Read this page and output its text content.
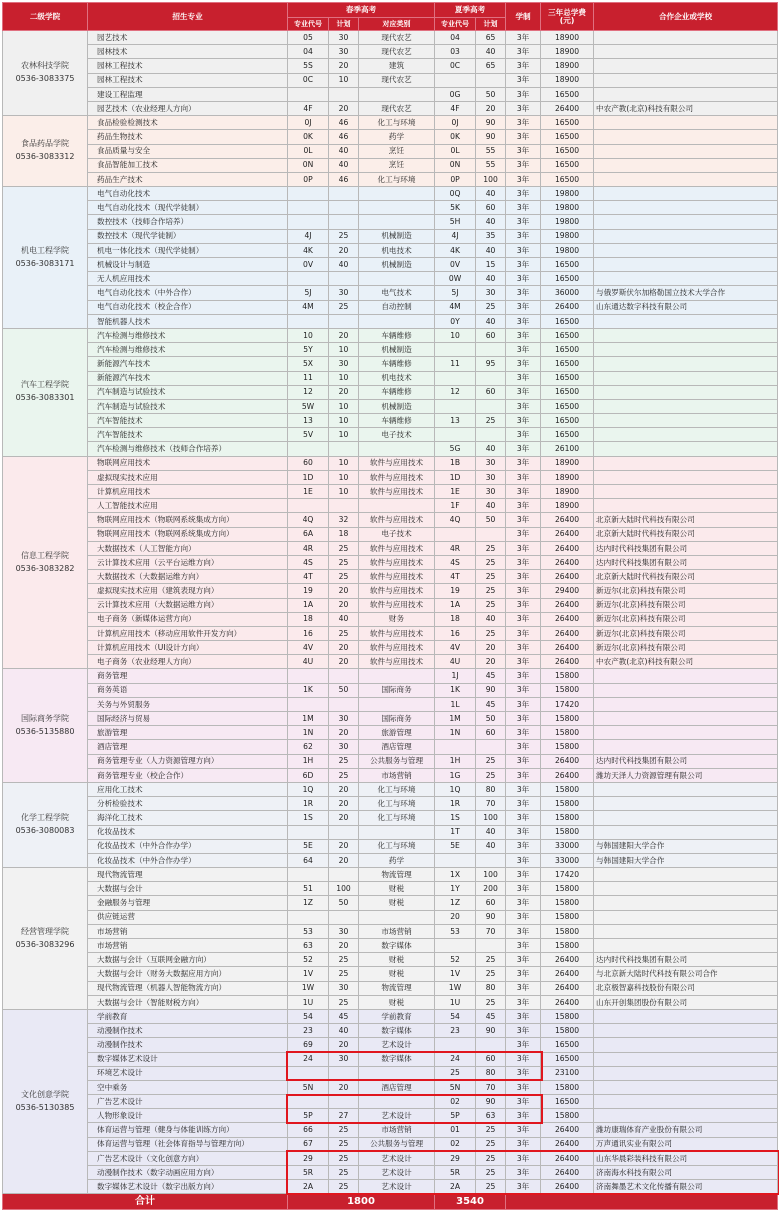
二级学院	招生专业	春季高考			夏季高考		学制	三年总学费
(元)	合作企业或学校
		专业代号	计划	对应类别	专业代号	计划			

农林科技学院
0536-3083375	园艺技术	05	30	现代农艺	04	65	3年	18900	
	园林技术	04	30	现代农艺	03	40	3年	18900	
	园林工程技术	5S	20	建筑	0C	65	3年	18900	
	园林工程技术	0C	10	现代农艺			3年	18900	
	建设工程监理				0G	50	3年	16500	
	园艺技术（农业经理人方向）	4F	20	现代农艺	4F	20	3年	26400	中农产教(北京)科技有限公司

食品药品学院
0536-3083312	食品检验检测技术	0J	46	化工与环境	0J	90	3年	16500	
	药品生物技术	0K	46	药学	0K	90	3年	16500	
	食品质量与安全	0L	40	烹饪	0L	55	3年	16500	
	食品智能加工技术	0N	40	烹饪	0N	55	3年	16500	
	药品生产技术	0P	46	化工与环境	0P	100	3年	16500	

机电工程学院
0536-3083171	电气自动化技术				0Q	40	3年	19800	
	电气自动化技术（现代学徒制）				5K	60	3年	19800	
	数控技术（技师合作培养）				5H	40	3年	19800	
	数控技术（现代学徒制）	4J	25	机械制造	4J	35	3年	19800	
	机电一体化技术（现代学徒制）	4K	20	机电技术	4K	40	3年	19800	
	机械设计与制造	0V	40	机械制造	0V	15	3年	16500	
	无人机应用技术				0W	40	3年	16500	
	电气自动化技术（中外合作）	5J	30	电气技术	5J	30	3年	36000	与俄罗斯伏尔加格勒国立技术大学合作
	电气自动化技术（校企合作）	4M	25	自动控制	4M	25	3年	26400	山东通达数字科技有限公司
	智能机器人技术				0Y	40	3年	16500	

汽车工程学院
0536-3083301	汽车检测与维修技术	10	20	车辆维修	10	60	3年	16500	
	汽车检测与维修技术	5Y	10	机械制造			3年	16500	
	新能源汽车技术	5X	30	车辆维修	11	95	3年	16500	
	新能源汽车技术	11	10	机电技术			3年	16500	
	汽车制造与试验技术	12	20	车辆维修	12	60	3年	16500	
	汽车制造与试验技术	5W	10	机械制造			3年	16500	
	汽车智能技术	13	10	车辆维修	13	25	3年	16500	
	汽车智能技术	5V	10	电子技术			3年	16500	
	汽车检测与维修技术（技师合作培养）				5G	40	3年	26100	

信息工程学院
0536-3083282	物联网应用技术	60	10	软件与应用技术	1B	30	3年	18900	
	虚拟现实技术应用	1D	10	软件与应用技术	1D	30	3年	18900	
	计算机应用技术	1E	10	软件与应用技术	1E	30	3年	18900	
	人工智能技术应用				1F	40	3年	18900	
	物联网应用技术（物联网系统集成方向）	4Q	32	软件与应用技术	4Q	50	3年	26400	北京新大陆时代科技有限公司
	物联网应用技术（物联网系统集成方向）	6A	18	电子技术			3年	26400	北京新大陆时代科技有限公司
	大数据技术（人工智能方向）	4R	25	软件与应用技术	4R	25	3年	26400	达内时代科技集团有限公司
	云计算技术应用（云平台运维方向）	4S	25	软件与应用技术	4S	25	3年	26400	达内时代科技集团有限公司
	大数据技术（大数据运维方向）	4T	25	软件与应用技术	4T	25	3年	26400	北京新大陆时代科技有限公司
	虚拟现实技术应用（建筑表现方向）	19	20	软件与应用技术	19	25	3年	29400	新迈尔(北京)科技有限公司
	云计算技术应用（大数据运维方向）	1A	20	软件与应用技术	1A	25	3年	26400	新迈尔(北京)科技有限公司
	电子商务（新媒体运营方向）	18	40	财务	18	40	3年	26400	新迈尔(北京)科技有限公司
	计算机应用技术（移动应用软件开发方向）	16	25	软件与应用技术	16	25	3年	26400	新迈尔(北京)科技有限公司
	计算机应用技术（UI设计方向）	4V	20	软件与应用技术	4V	20	3年	26400	新迈尔(北京)科技有限公司
	电子商务（农业经理人方向）	4U	20	软件与应用技术	4U	20	3年	26400	中农产教(北京)科技有限公司

国际商务学院
0536-5135880	商务管理				1J	45	3年	15800	
	商务英语	1K	50	国际商务	1K	90	3年	15800	
	关务与外贸服务				1L	45	3年	17420	
	国际经济与贸易	1M	30	国际商务	1M	50	3年	15800	
	旅游管理	1N	20	旅游管理	1N	60	3年	15800	
	酒店管理	62	30	酒店管理			3年	15800	
	商务管理专业（人力资源管理方向）	1H	25	公共服务与管理	1H	25	3年	26400	达内时代科技集团有限公司
	商务管理专业（校企合作）	6D	25	市场营销	1G	25	3年	26400	潍坊天泽人力资源管理有限公司

化学工程学院
0536-3080083	应用化工技术	1Q	20	化工与环境	1Q	80	3年	15800	
	分析检验技术	1R	20	化工与环境	1R	70	3年	15800	
	海洋化工技术	1S	20	化工与环境	1S	100	3年	15800	
	化妆品技术				1T	40	3年	15800	
	化妆品技术（中外合作办学）	5E	20	化工与环境	5E	40	3年	33000	与韩国建阳大学合作
	化妆品技术（中外合作办学）	64	20	药学			3年	33000	与韩国建阳大学合作

经营管理学院
0536-3083296	现代物流管理			物流管理	1X	100	3年	17420	
	大数据与会计	51	100	财税	1Y	200	3年	15800	
	金融服务与管理	1Z	50	财税	1Z	60	3年	15800	
	供应链运营				20	90	3年	15800	
	市场营销	53	30	市场营销	53	70	3年	15800	
	市场营销	63	20	数字媒体			3年	15800	
	大数据与会计（互联网金融方向）	52	25	财税	52	25	3年	26400	达内时代科技集团有限公司
	大数据与会计（财务大数据应用方向）	1V	25	财税	1V	25	3年	26400	与北京新大陆时代科技有限公司合作
	现代物流管理（机器人智能物流方向）	1W	30	物流管理	1W	80	3年	26400	北京极智嘉科技股份有限公司
	大数据与会计（智能财税方向）	1U	25	财税	1U	25	3年	26400	山东开创集团股份有限公司

文化创意学院
0536-5130385	学前教育	54	45	学前教育	54	45	3年	15800	
	动漫制作技术	23	40	数字媒体	23	90	3年	15800	
	动漫制作技术	69	20	艺术设计			3年	16500	
	数字媒体艺术设计	24	30	数字媒体	24	60	3年	16500	
	环境艺术设计				25	80	3年	23100	
	空中乘务	5N	20	酒店管理	5N	70	3年	15800	
	广告艺术设计				02	90	3年	16500	
	人物形象设计	5P	27	艺术设计	5P	63	3年	15800	
	体育运营与管理（健身与体能训练方向）	66	25	市场营销	01	25	3年	26400	潍坊康瑞体育产业股份有限公司
	体育运营与管理（社会体育指导与管理方向）	67	25	公共服务与管理	02	25	3年	26400	万声通讯实业有限公司
	广告艺术设计（文化创意方向）	29	25	艺术设计	29	25	3年	26400	山东华晨彩装科技有限公司
	动漫制作技术（数字动画应用方向）	5R	25	艺术设计	5R	25	3年	26400	济南海水科技有限公司
	数字媒体艺术设计（数字出版方向）	2A	25	艺术设计	2A	25	3年	26400	济南舞墨艺术文化传播有限公司
合计		1800			3540				
